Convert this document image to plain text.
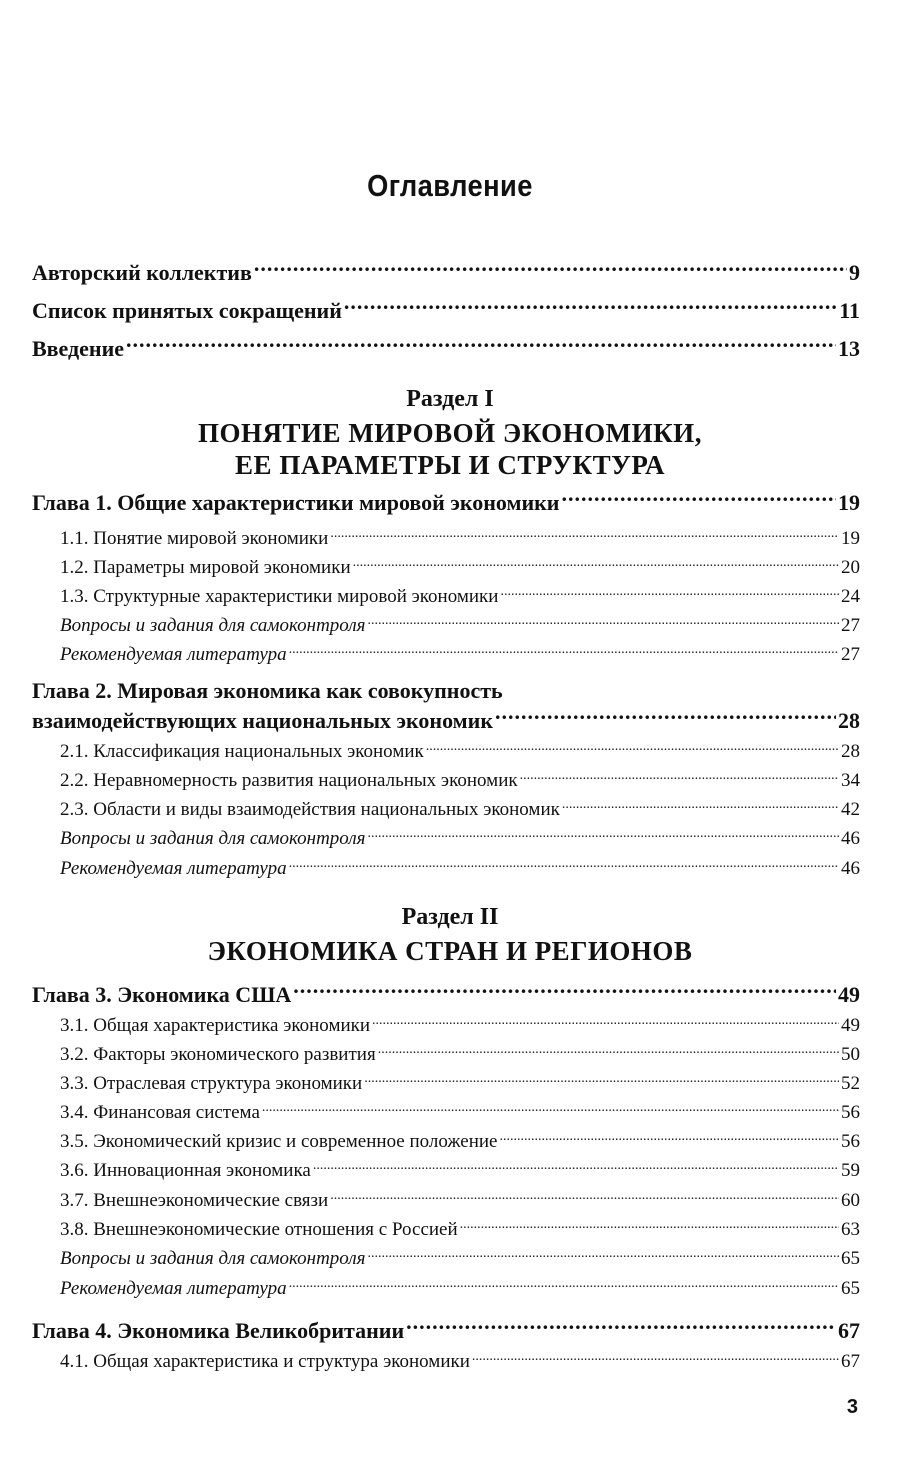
Оглавление
Авторский коллектив .....	9
Список принятых сокращений .....	11
Введение .....	13
Раздел I
ПОНЯТИЕ МИРОВОЙ ЭКОНОМИКИ,
ЕЕ ПАРАМЕТРЫ И СТРУКТУРА
Глава 1. Общие характеристики мировой экономики .....	19
1.1. Понятие мировой экономики .....	19
1.2. Параметры мировой экономики .....	20
1.3. Структурные характеристики мировой экономики .....	24
Вопросы и задания для самоконтроля .....	27
Рекомендуемая литература .....	27
Глава 2. Мировая экономика как совокупность
взаимодействующих национальных экономик .....	28
2.1. Классификация национальных экономик .....	28
2.2. Неравномерность развития национальных экономик .....	34
2.3. Области и виды взаимодействия национальных экономик .....	42
Вопросы и задания для самоконтроля .....	46
Рекомендуемая литература .....	46
Раздел II
ЭКОНОМИКА СТРАН И РЕГИОНОВ
Глава 3. Экономика США .....	49
3.1. Общая характеристика экономики .....	49
3.2. Факторы экономического развития .....	50
3.3. Отраслевая структура экономики .....	52
3.4. Финансовая система .....	56
3.5. Экономический кризис и современное положение .....	56
3.6. Инновационная экономика .....	59
3.7. Внешнеэкономические связи .....	60
3.8. Внешнеэкономические отношения с Россией .....	63
Вопросы и задания для самоконтроля .....	65
Рекомендуемая литература .....	65
Глава 4. Экономика Великобритании .....	67
4.1. Общая характеристика и структура экономики .....	67
3
